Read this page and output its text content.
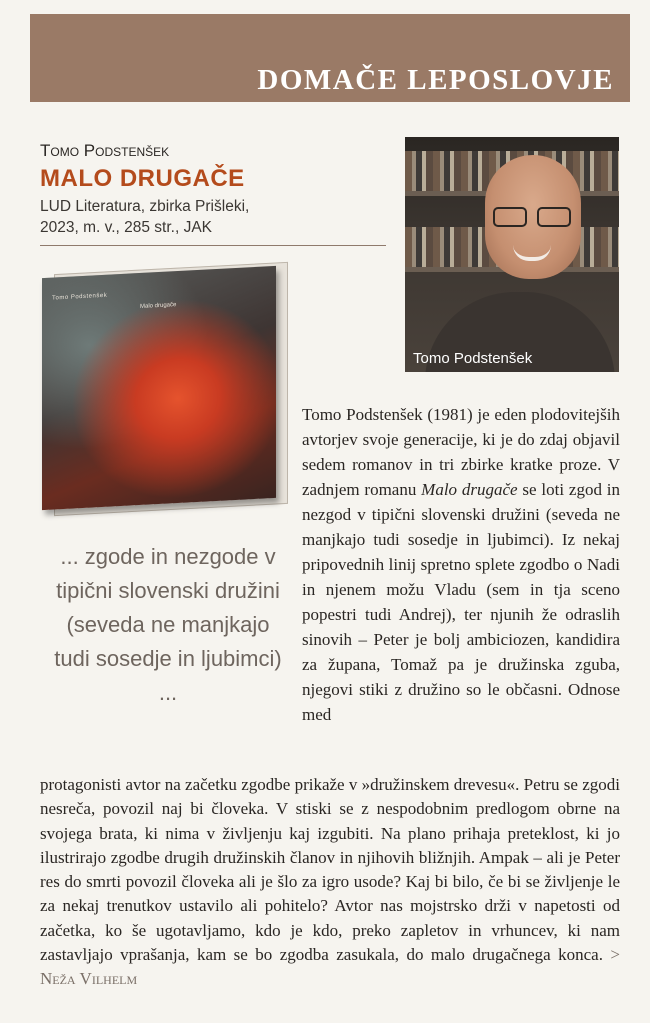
DOMAČE LEPOSLOVJE
Tomo Podstenšek
MALO DRUGAČE
LUD Literatura, zbirka Prišleki,
2023, m. v., 285 str., JAK
Tomo Podstenšek
Malo drugače
Tomo Podstenšek
... zgode in nezgode v tipični slovenski družini (seveda ne manjkajo tudi sosedje in ljubimci) ...

Tomo Podstenšek (1981) je eden plodovitejših avtorjev svoje generacije, ki je do zdaj objavil sedem romanov in tri zbirke kratke proze. V zadnjem romanu Malo drugače se loti zgod in nezgod v tipični slovenski družini (seveda ne manjkajo tudi sosedje in ljubimci). Iz nekaj pripovednih linij spretno splete zgodbo o Nadi in njenem možu Vladu (sem in tja sceno popestri tudi Andrej), ter njunih že odraslih sinovih – Peter je bolj ambiciozen, kandidira za župana, Tomaž pa je družinska zguba, njegovi stiki z družino so le občasni. Odnose med

protagonisti avtor na začetku zgodbe prikaže v »družinskem drevesu«. Petru se zgodi nesreča, povozil naj bi človeka. V stiski se z nespodobnim predlogom obrne na svojega brata, ki nima v življenju kaj izgubiti. Na plano prihaja preteklost, ki jo ilustrirajo zgodbe drugih družinskih članov in njihovih bližnjih. Ampak – ali je Peter res do smrti povozil človeka ali je šlo za igro usode? Kaj bi bilo, če bi se življenje le za nekaj trenutkov ustavilo ali pohitelo? Avtor nas mojstrsko drži v napetosti od začetka, ko še ugotavljamo, kdo je kdo, preko zapletov in vrhuncev, ki nam zastavljajo vprašanja, kam se bo zgodba zasukala, do malo drugačnega konca. > Neža Vilhelm
